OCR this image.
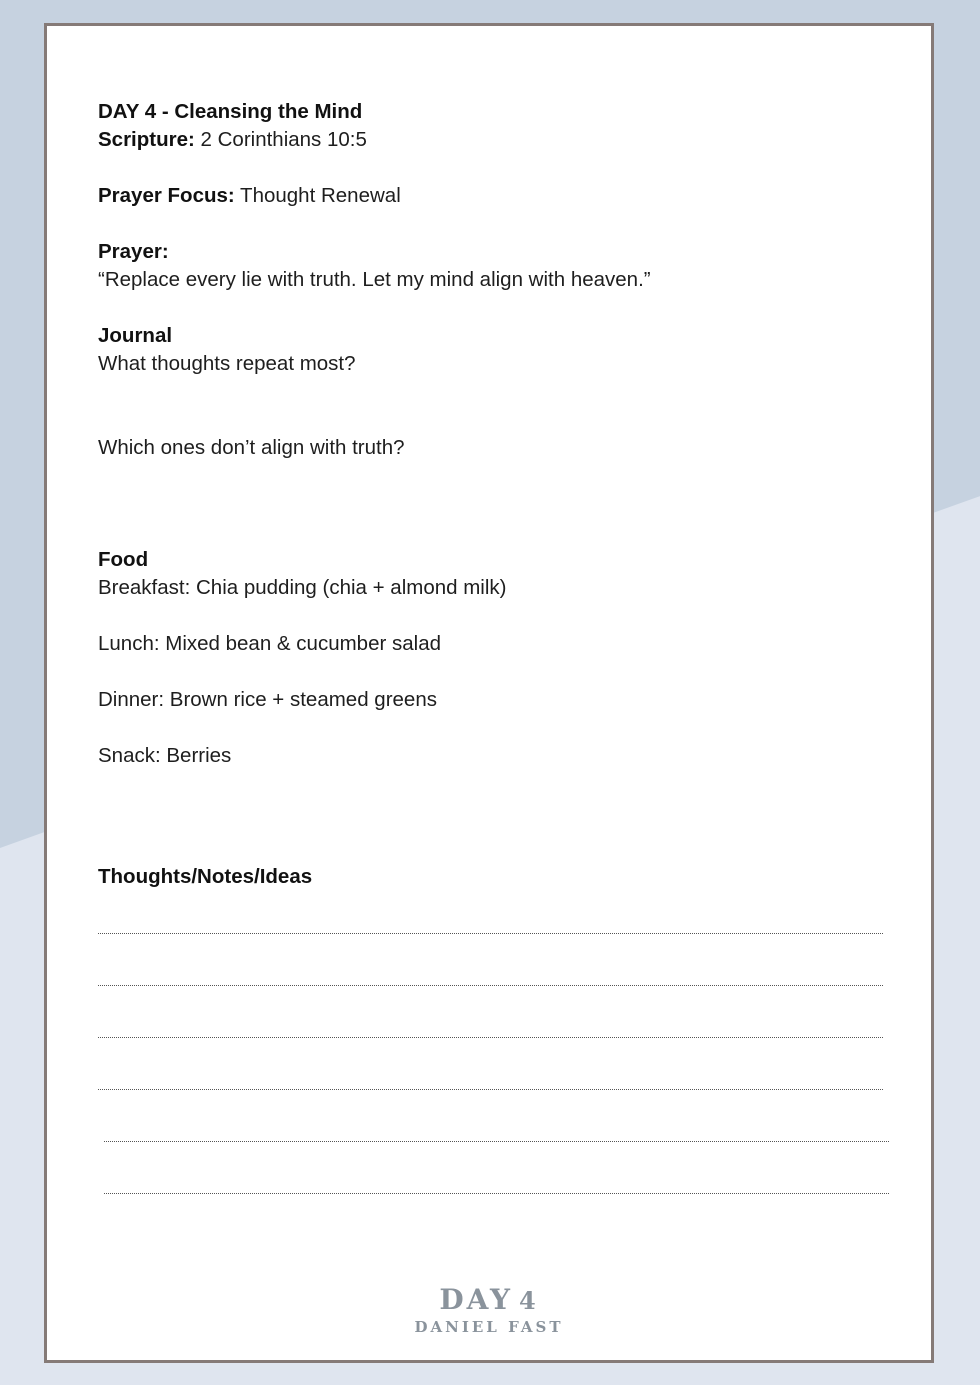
DAY 4 - Cleansing the Mind

Scripture: 2 Corinthians 10:5

Prayer Focus: Thought Renewal

Prayer:

“Replace every lie with truth. Let my mind align with heaven.”

Journal

What thoughts repeat most?

Which ones don’t align with truth?

Food

Breakfast: Chia pudding (chia + almond milk)

Lunch: Mixed bean & cucumber salad

Dinner: Brown rice + steamed greens

Snack: Berries

Thoughts/Notes/Ideas

DAY 4
DANIEL FAST
